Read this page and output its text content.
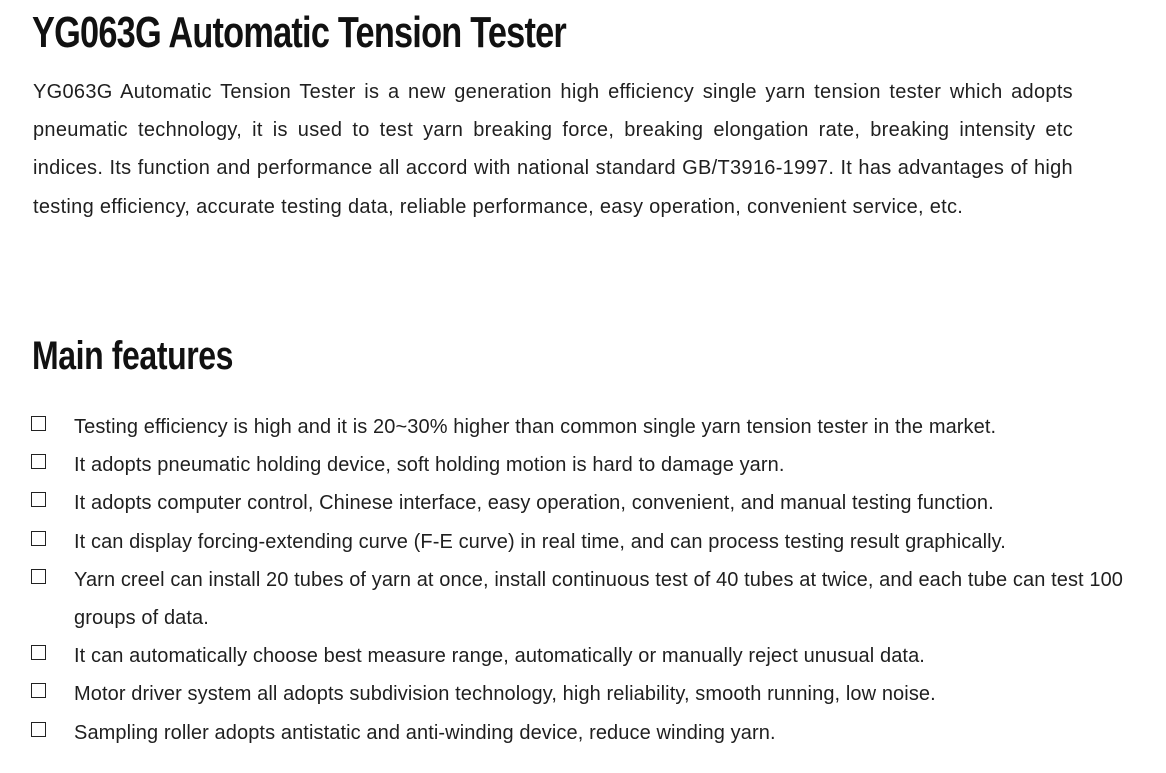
YG063G Automatic Tension Tester

YG063G Automatic Tension Tester is a new generation high efficiency single yarn tension tester which adopts pneumatic technology, it is used to test yarn breaking force, breaking elongation rate, breaking intensity etc indices. Its function and performance all accord with national standard GB/T3916-1997. It has advantages of high testing efficiency, accurate testing data, reliable performance, easy operation, convenient service, etc.

Main features
Testing efficiency is high and it is 20~30% higher than common single yarn tension tester in the market.
It adopts pneumatic holding device, soft holding motion is hard to damage yarn.
It adopts computer control, Chinese interface, easy operation, convenient, and manual testing function.
It can display forcing-extending curve (F-E curve) in real time, and can process testing result graphically.
Yarn creel can install 20 tubes of yarn at once, install continuous test of 40 tubes at twice, and each tube can test 100 groups of data.
It can automatically choose best measure range, automatically or manually reject unusual data.
Motor driver system all adopts subdivision technology, high reliability, smooth running, low noise.
Sampling roller adopts antistatic and anti-winding device, reduce winding yarn.
